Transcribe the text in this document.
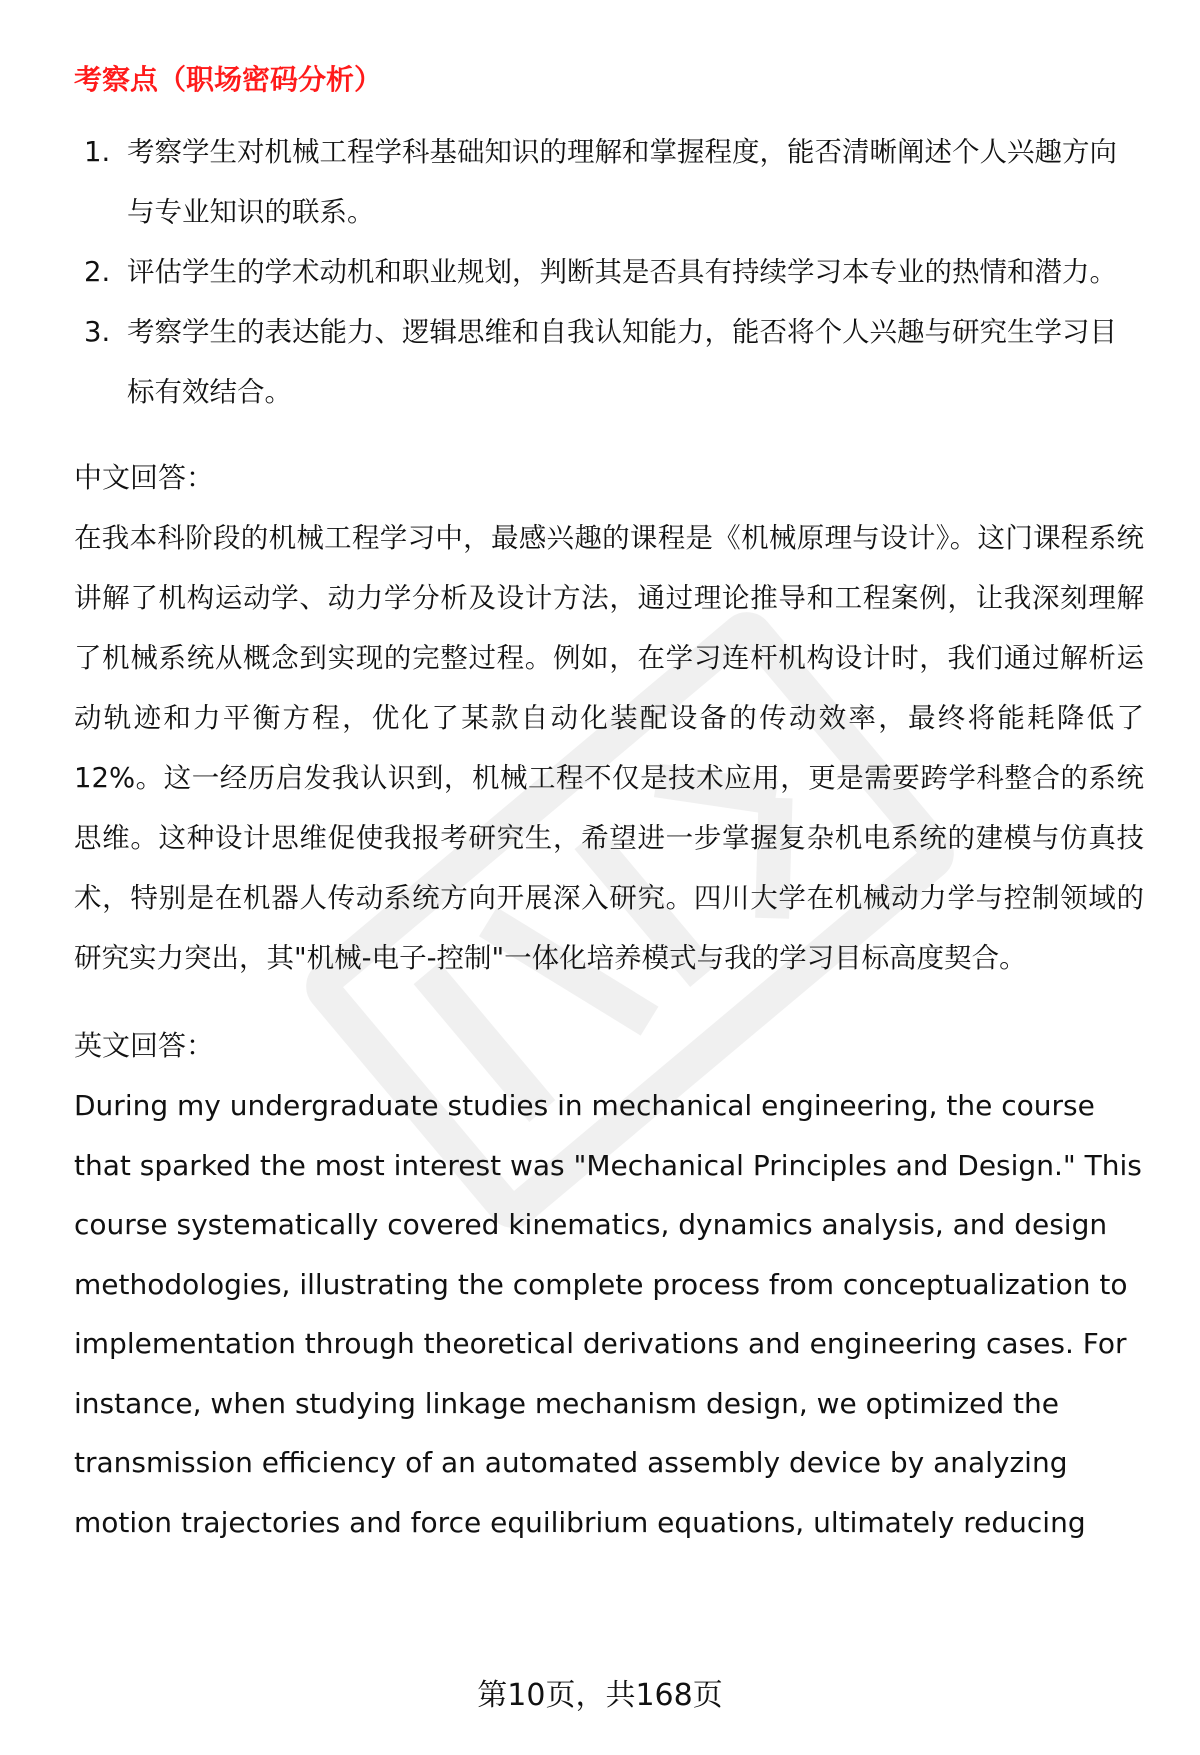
考察点（职场密码分析）
1. 考察学生对机械工程学科基础知识的理解和掌握程度，能否清晰阐述个人兴趣方向与专业知识的联系。
2. 评估学生的学术动机和职业规划，判断其是否具有持续学习本专业的热情和潜力。
3. 考察学生的表达能力、逻辑思维和自我认知能力，能否将个人兴趣与研究生学习目标有效结合。
中文回答：

在我本科阶段的机械工程学习中，最感兴趣的课程是《机械原理与设计》。这门课程系统讲解了机构运动学、动力学分析及设计方法，通过理论推导和工程案例，让我深刻理解了机械系统从概念到实现的完整过程。例如，在学习连杆机构设计时，我们通过解析运动轨迹和力平衡方程，优化了某款自动化装配设备的传动效率，最终将能耗降低了12%。这一经历启发我认识到，机械工程不仅是技术应用，更是需要跨学科整合的系统思维。这种设计思维促使我报考研究生，希望进一步掌握复杂机电系统的建模与仿真技术，特别是在机器人传动系统方向开展深入研究。四川大学在机械动力学与控制领域的研究实力突出，其"机械-电子-控制"一体化培养模式与我的学习目标高度契合。

英文回答：

During my undergraduate studies in mechanical engineering, the course that sparked the most interest was "Mechanical Principles and Design." This course systematically covered kinematics, dynamics analysis, and design methodologies, illustrating the complete process from conceptualization to implementation through theoretical derivations and engineering cases. For instance, when studying linkage mechanism design, we optimized the transmission efficiency of an automated assembly device by analyzing motion trajectories and force equilibrium equations, ultimately reducing

第10页，共168页
